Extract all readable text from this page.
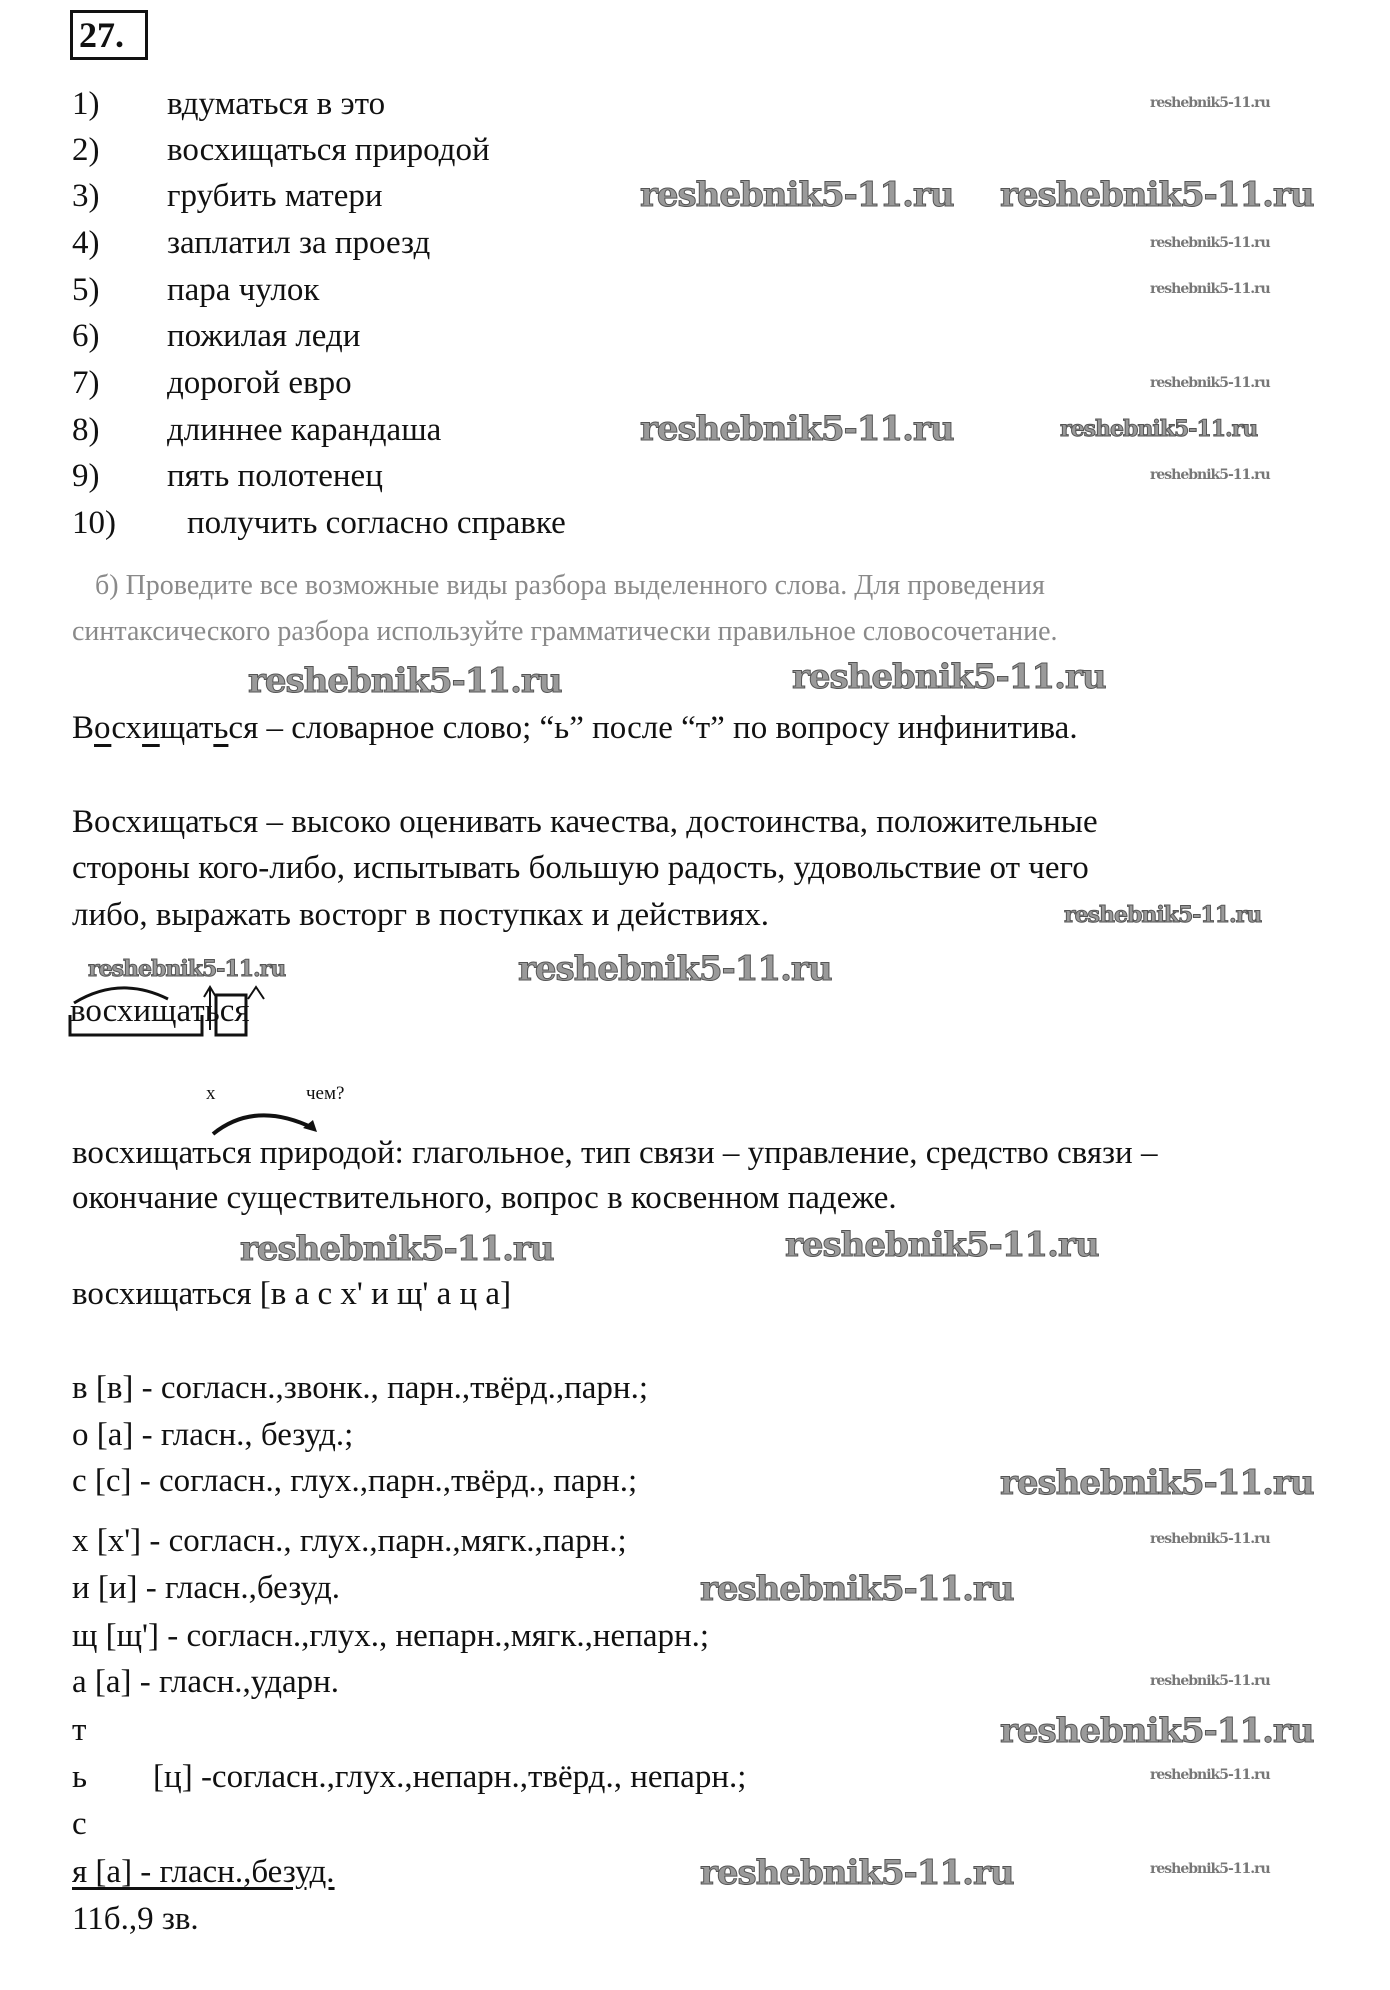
27.
1) вдуматься в это
2) восхищаться природой
3) грубить матери
4) заплатил за проезд
5) пара чулок
6) пожилая леди
7) дорогой евро
8) длиннее карандаша
9) пять полотенец
10) получить согласно справке
б) Проведите все возможные виды разбора выделенного слова. Для проведения
синтаксического разбора используйте грамматически правильное словосочетание.
Восхищаться – словарное слово; “ь” после “т” по вопросу инфинитива.
Восхищаться – высоко оценивать качества, достоинства, положительные
стороны кого-либо, испытывать большую радость, удовольствие от чего
либо, выражать восторг в поступках и действиях.
восхищаться
х	чем?
восхищаться природой: глагольное, тип связи – управление, средство связи –
окончание существительного, вопрос в косвенном падеже.
восхищаться [в а с х' и щ' а ц а]
в [в] - согласн.,звонк., парн.,твёрд.,парн.;
о [а] - гласн., безуд.;
с [с] - согласн., глух.,парн.,твёрд., парн.;
х [х'] - согласн., глух.,парн.,мягк.,парн.;
и [и] - гласн.,безуд.
щ [щ'] - согласн.,глух., непарн.,мягк.,непарн.;
а [а] - гласн.,ударн.
т
ь        [ц] -согласн.,глух.,непарн.,твёрд., непарн.;
с
я [а] - гласн.,безуд.
11б.,9 зв.
reshebnik5-11.ru reshebnik5-11.ru
reshebnik5-11.ru
reshebnik5-11.ru	reshebnik5-11.ru
reshebnik5-11.ru
reshebnik5-11.ru	reshebnik5-11.ru
reshebnik5-11.ru
reshebnik5-11.ru
reshebnik5-11.ru
reshebnik5-11.ru
reshebnik5-11.ru
reshebnik5-11.ru
reshebnik5-11.ru
reshebnik5-11.ru
reshebnik5-11.ru
reshebnik5-11.ru
reshebnik5-11.ru
reshebnik5-11.ru
reshebnik5-11.ru
reshebnik5-11.ru
reshebnik5-11.ru
reshebnik5-11.ru
